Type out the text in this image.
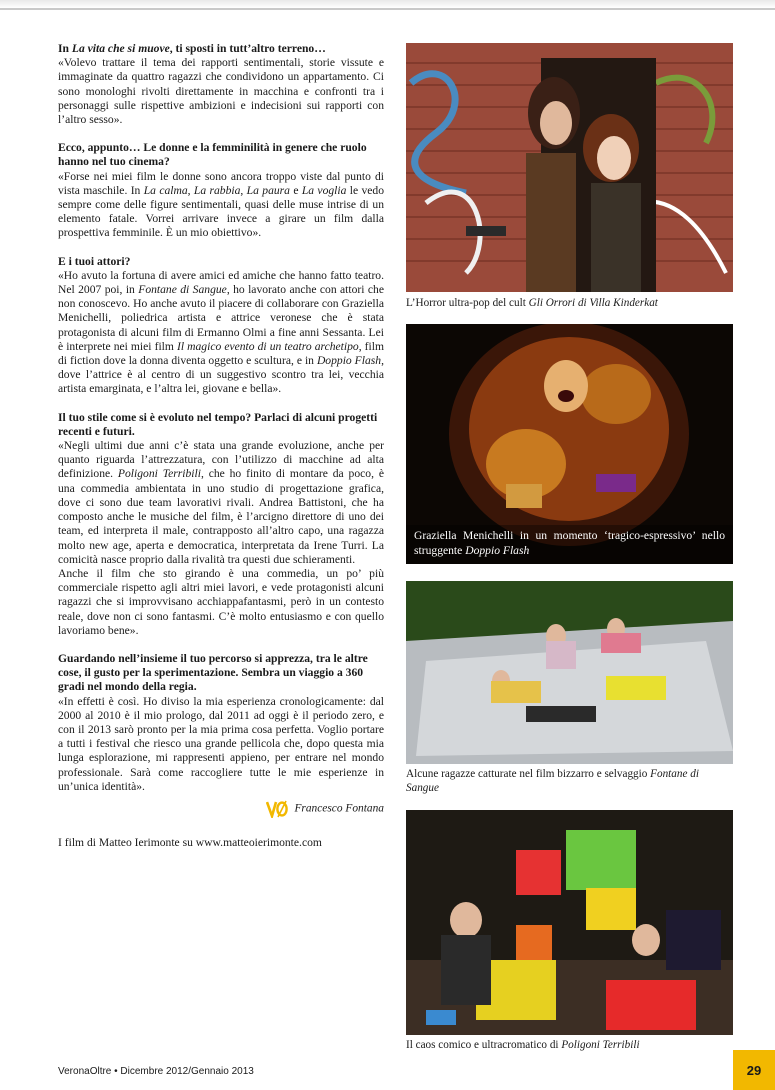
In La vita che si muove, ti sposti in tutt’altro terreno…
«Volevo trattare il tema dei rapporti sentimentali, storie vissute e immaginate da quattro ragazzi che condividono un appartamento. Ci sono monologhi rivolti direttamente in macchina e confronti tra i personaggi sulle rispettive ambizioni e indecisioni sui rapporti con l’altro sesso».
Ecco, appunto… Le donne e la femminilità in genere che ruolo hanno nel tuo cinema?
«Forse nei miei film le donne sono ancora troppo viste dal punto di vista maschile. In La calma, La rabbia, La paura e La voglia le vedo sempre come delle figure sentimentali, quasi delle muse intrise di un elemento fatale. Vorrei arrivare invece a girare un film dalla prospettiva femminile. È un mio obiettivo».
E i tuoi attori?
«Ho avuto la fortuna di avere amici ed amiche che hanno fatto teatro. Nel 2007 poi, in Fontane di Sangue, ho lavorato anche con attori che non conoscevo. Ho anche avuto il piacere di collaborare con Graziella Menichelli, poliedrica artista e attrice veronese che è stata protagonista di alcuni film di Ermanno Olmi a fine anni Sessanta. Lei è interprete nei miei film Il magico evento di un teatro archetipo, film di fiction dove la donna diventa oggetto e scultura, e in Doppio Flash, dove l’attrice è al centro di un suggestivo scontro tra lei, vecchia artista emarginata, e l’altra lei, giovane e bella».
Il tuo stile come si è evoluto nel tempo? Parlaci di alcuni progetti recenti e futuri.

«Negli ultimi due anni c’è stata una grande evoluzione, anche per quanto riguarda l’attrezzatura, con l’utilizzo di macchine ad alta definizione. Poligoni Terribili, che ho finito di montare da poco, è una commedia ambientata in uno studio di progettazione grafica, dove ci sono due team lavorativi rivali. Andrea Battistoni, che ha composto anche le musiche del film, è l’arcigno direttore di uno dei team, ed interpreta il male, contrapposto all’altro capo, una ragazza molto new age, aperta e democratica, interpretata da Irene Turri. La comicità nasce proprio dalla rivalità tra questi due schieramenti.

Anche il film che sto girando è una commedia, un po’ più commerciale rispetto agli altri miei lavori, e vede protagonisti alcuni ragazzi che si improvvisano acchiappafantasmi, però in un contesto reale, dove non ci sono fantasmi. C’è molto entusiasmo e con quello lavoriamo bene».

Guardando nell’insieme il tuo percorso si apprezza, tra le altre cose, il gusto per la sperimentazione. Sembra un viaggio a 360 gradi nel mondo della regia.
«In effetti è così. Ho diviso la mia esperienza cronologicamente: dal 2000 al 2010 è il mio prologo, dal 2011 ad oggi è il periodo zero, e con il 2013 sarò pronto per la mia prima cosa perfetta. Voglio portare a tutti i festival che riesco una grande pellicola che, dopo questa mia lunga esplorazione, mi rappresenti appieno, per entrare nel mondo professionale. Sarà come raccogliere tutte le mie esperienze in un’unica identità».
Francesco Fontana
I film di Matteo Ierimonte su www.matteoierimonte.com
L’Horror ultra-pop del cult Gli Orrori di Villa Kinderkat
Graziella Menichelli in un momento ‘tragico-espressivo’ nello struggente Doppio Flash
Alcune ragazze catturate nel film bizzarro e selvaggio Fontane di Sangue
Il caos comico e ultracromatico di Poligoni Terribili
VeronaOltre • Dicembre 2012/Gennaio 2013	29
